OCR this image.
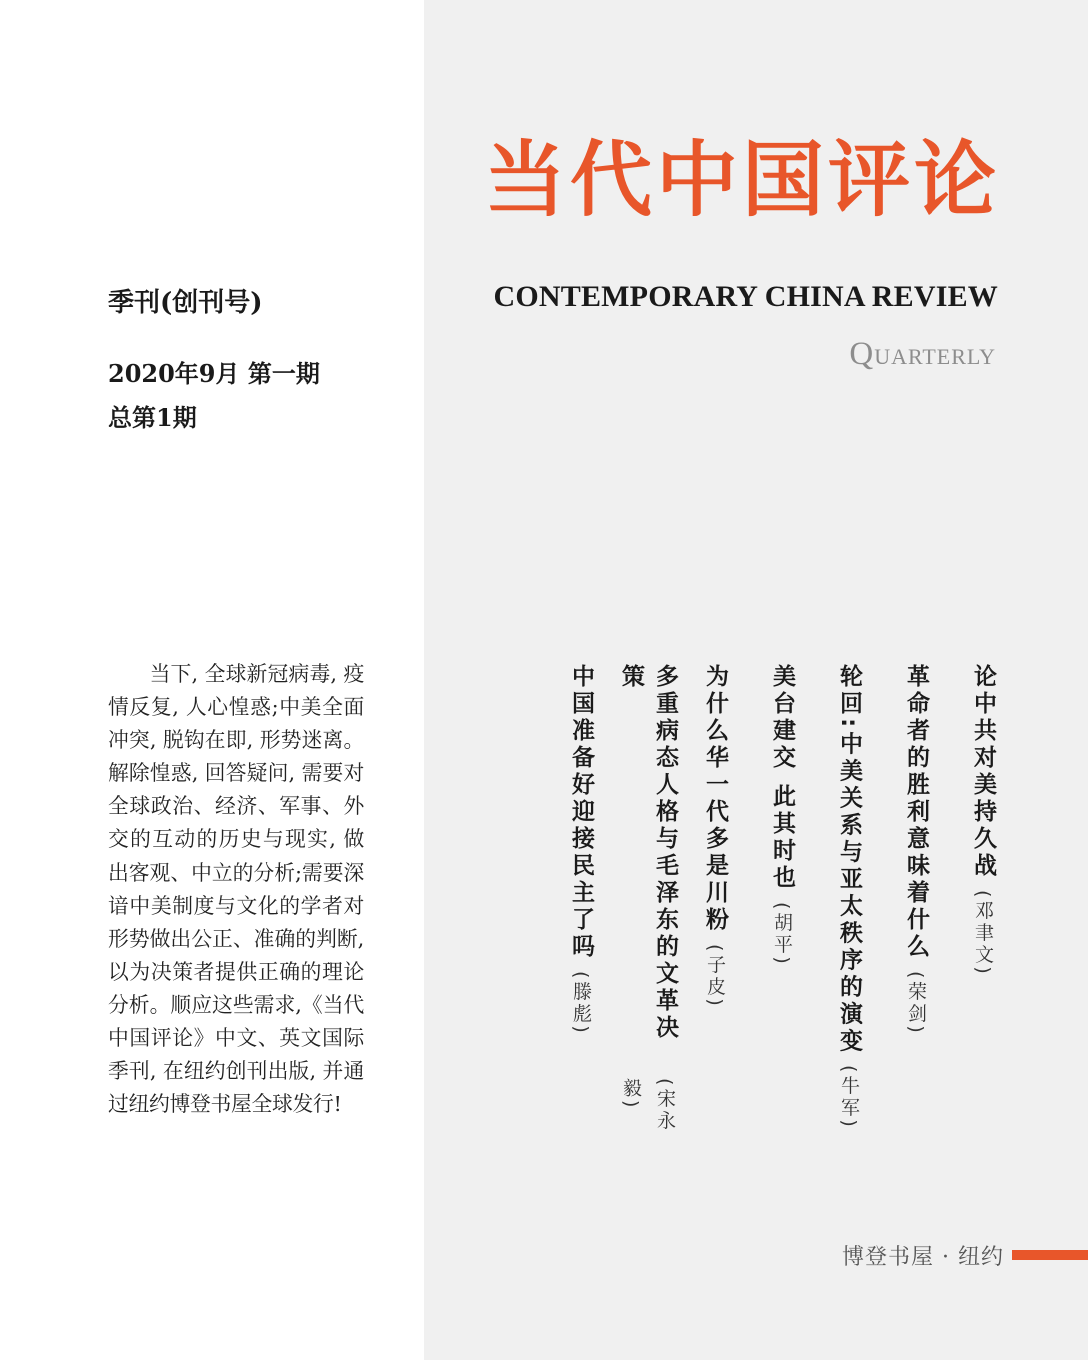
当代中国评论
CONTEMPORARY CHINA REVIEW
QUARTERLY
季刊(创刊号)
2020年9月 第一期
总第1期
当下, 全球新冠病毒, 疫情反复, 人心惶惑;中美全面冲突, 脱钩在即, 形势迷离。解除惶惑, 回答疑问, 需要对全球政治、经济、军事、外交的互动的历史与现实, 做出客观、中立的分析;需要深谙中美制度与文化的学者对形势做出公正、准确的判断, 以为决策者提供正确的理论分析。顺应这些需求,《当代中国评论》中文、英文国际季刊, 在纽约创刊出版, 并通过纽约博登书屋全球发行!
论中共对美持久战
(邓聿文)
革命者的胜利意味着什么
(荣剑)
轮回:中美关系与亚太秩序的演变
(牛军)
美台建交 此其时也
(胡平)
为什么华一代多是川粉
(子皮)
多重病态人格与毛泽东的文革决策
(宋永毅)
中国准备好迎接民主了吗
(滕彪)
博登书屋 · 纽约
